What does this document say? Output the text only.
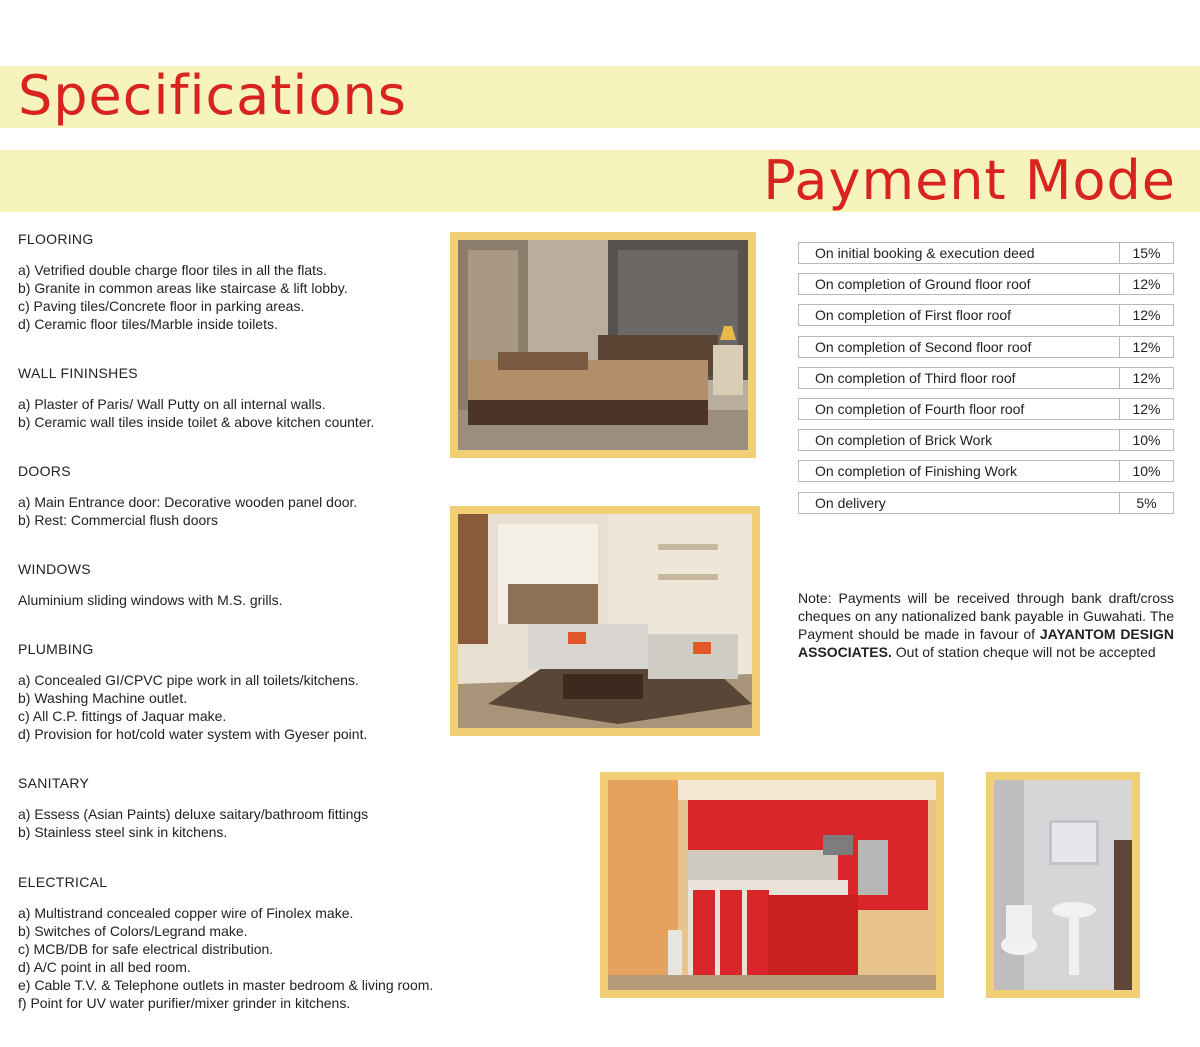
Specifications
Payment Mode
FLOORING
a) Vetrified double charge floor tiles in all the flats.
b) Granite in common areas like staircase & lift lobby.
c) Paving tiles/Concrete floor in parking areas.
d) Ceramic floor tiles/Marble inside toilets.
WALL FININSHES
a) Plaster of Paris/ Wall Putty on all internal walls.
b) Ceramic wall tiles inside toilet & above kitchen counter.
DOORS
a) Main Entrance door: Decorative wooden panel door.
b) Rest: Commercial flush doors
WINDOWS
Aluminium sliding windows with M.S. grills.
PLUMBING
a) Concealed GI/CPVC pipe work in all toilets/kitchens.
b) Washing Machine outlet.
c) All C.P. fittings of Jaquar make.
d) Provision for hot/cold water system with Gyeser point.
SANITARY
a) Essess (Asian Paints) deluxe saitary/bathroom fittings
b) Stainless steel sink in kitchens.
ELECTRICAL
a) Multistrand concealed copper wire of Finolex make.
b) Switches of Colors/Legrand make.
c) MCB/DB for safe electrical distribution.
d) A/C point in all bed room.
e) Cable T.V. & Telephone outlets in master bedroom & living room.
f) Point for UV water purifier/mixer grinder in kitchens.
On initial booking & execution deed	15%
On completion of Ground floor roof	12%
On completion of First floor roof	12%
On completion of Second floor roof	12%
On completion of Third floor roof	12%
On completion of Fourth floor roof	12%
On completion of Brick Work	10%
On completion of Finishing Work	10%
On delivery	5%
Note: Payments will be received through bank draft/cross cheques on any nationalized bank payable in Guwahati. The Payment should be made in favour of JAYANTOM DESIGN ASSOCIATES. Out of station cheque will not be accepted
